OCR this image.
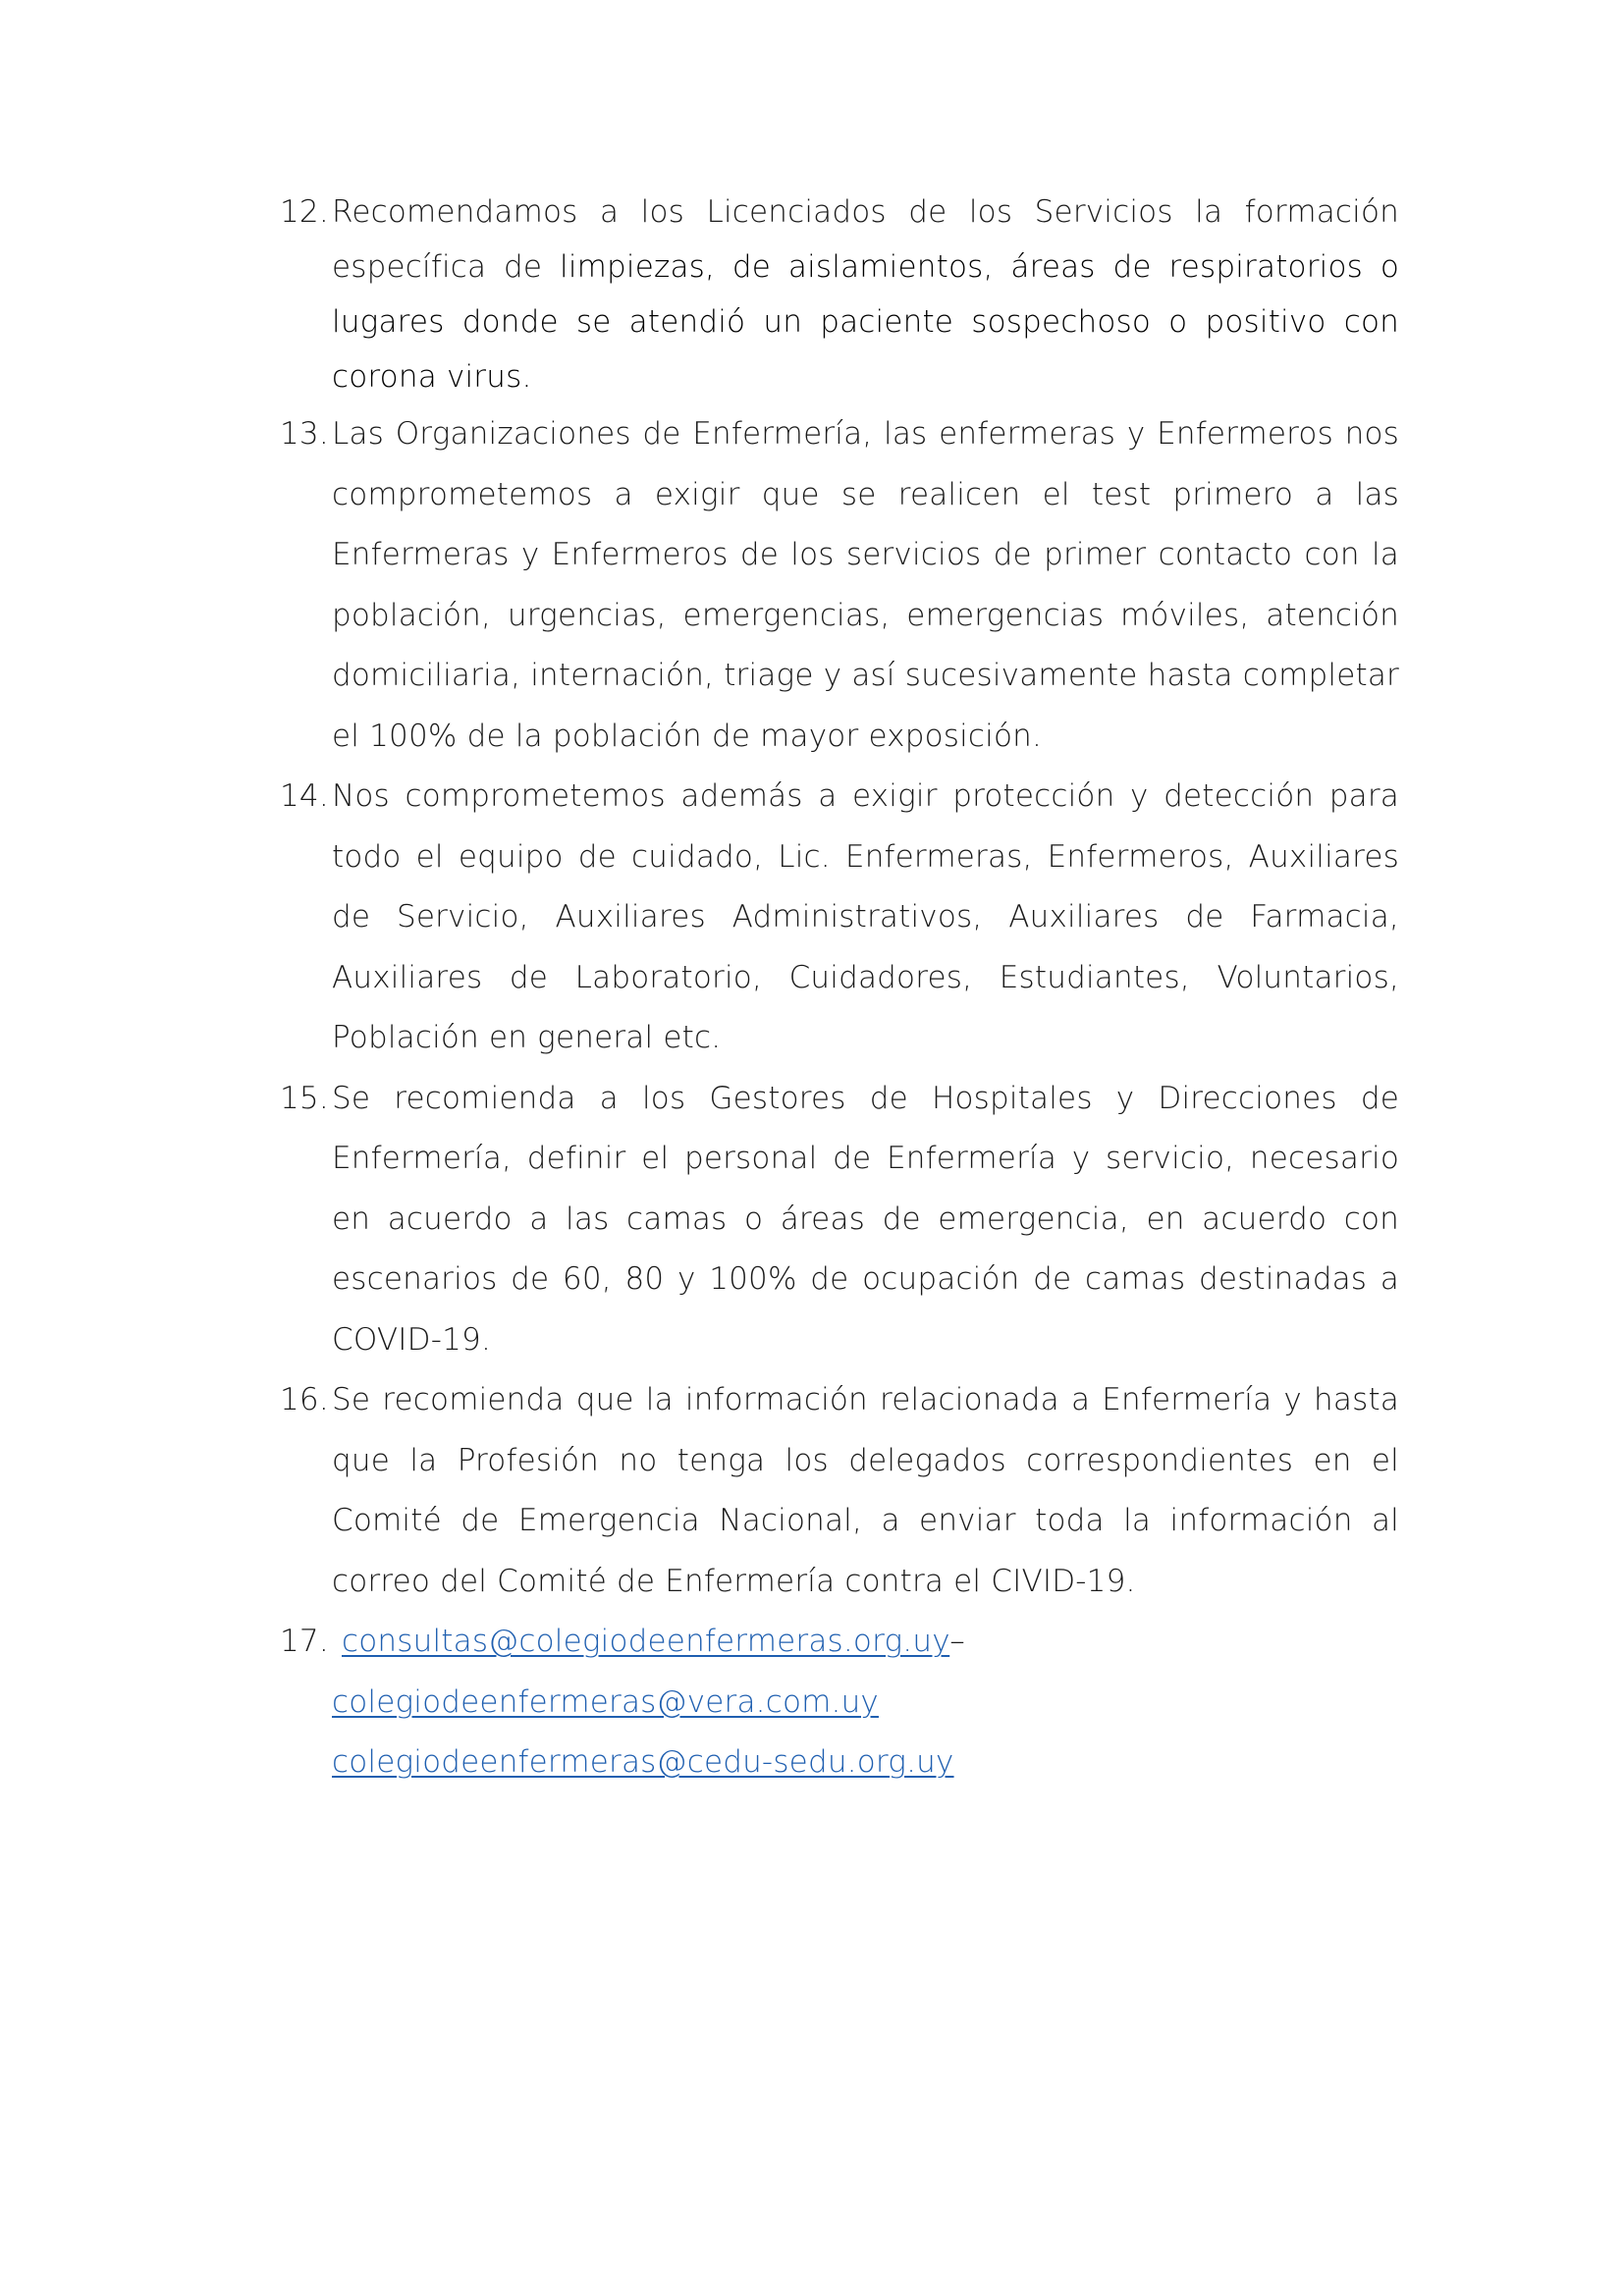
12. Recomendamos a los Licenciados de los Servicios la formación específica de limpiezas, de aislamientos, áreas de respiratorios o lugares donde se atendió un paciente sospechoso o positivo con corona virus.
13. Las Organizaciones de Enfermería, las enfermeras y Enfermeros nos comprometemos a exigir que se realicen el test primero a las Enfermeras y Enfermeros de los servicios de primer contacto con la población, urgencias, emergencias, emergencias móviles, atención domiciliaria, internación, triage y así sucesivamente hasta completar el 100% de la población de mayor exposición.
14. Nos comprometemos además a exigir protección y detección para todo el equipo de cuidado, Lic. Enfermeras, Enfermeros, Auxiliares de Servicio, Auxiliares Administrativos, Auxiliares de Farmacia, Auxiliares de Laboratorio, Cuidadores, Estudiantes, Voluntarios, Población en general etc.
15. Se recomienda a los Gestores de Hospitales y Direcciones de Enfermería, definir el personal de Enfermería y servicio, necesario en acuerdo a las camas o áreas de emergencia, en acuerdo con escenarios de 60, 80 y 100% de ocupación de camas destinadas a COVID-19.
16. Se recomienda que la información relacionada a Enfermería y hasta que la Profesión no tenga los delegados correspondientes en el Comité de Emergencia Nacional, a enviar toda la información al correo del Comité de Enfermería contra el CIVID-19.
17. consultas@colegiodeenfermeras.org.uy–
colegiodeenfermeras@vera.com.uy
colegiodeenfermeras@cedu-sedu.org.uy
